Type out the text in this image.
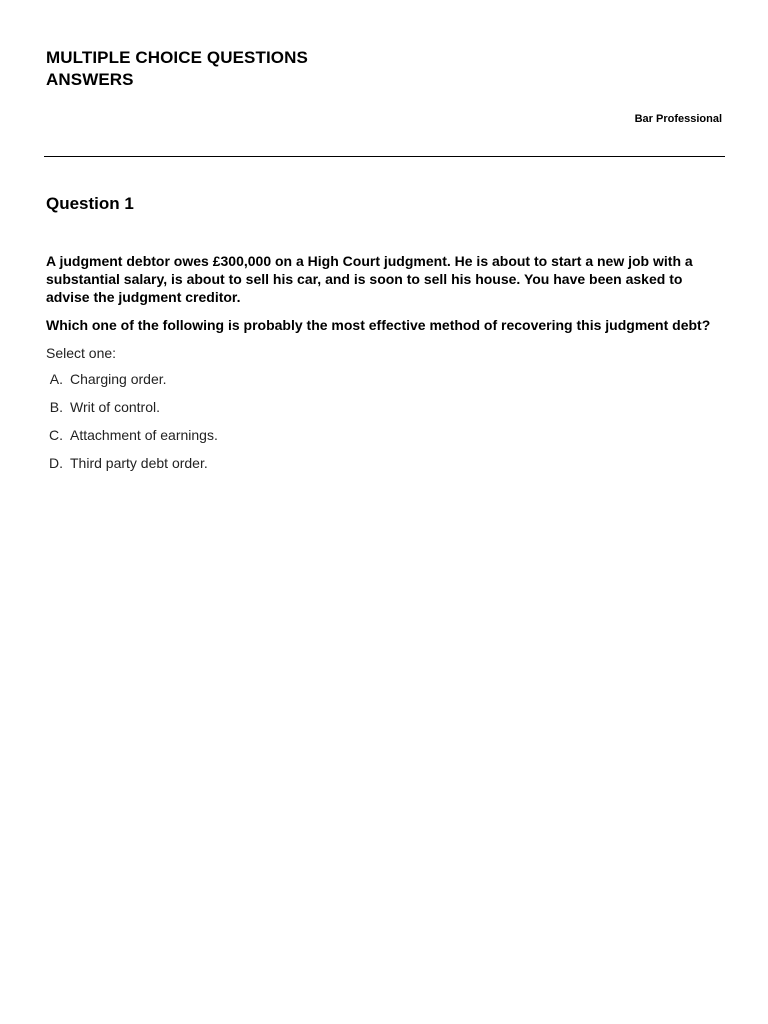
MULTIPLE CHOICE QUESTIONS
ANSWERS
Bar Professional
Question 1
A judgment debtor owes £300,000 on a High Court judgment. He is about to start a new job with a substantial salary, is about to sell his car, and is soon to sell his house. You have been asked to advise the judgment creditor.
Which one of the following is probably the most effective method of recovering this judgment debt?
Select one:
A. Charging order.
B. Writ of control.
C. Attachment of earnings.
D. Third party debt order.
